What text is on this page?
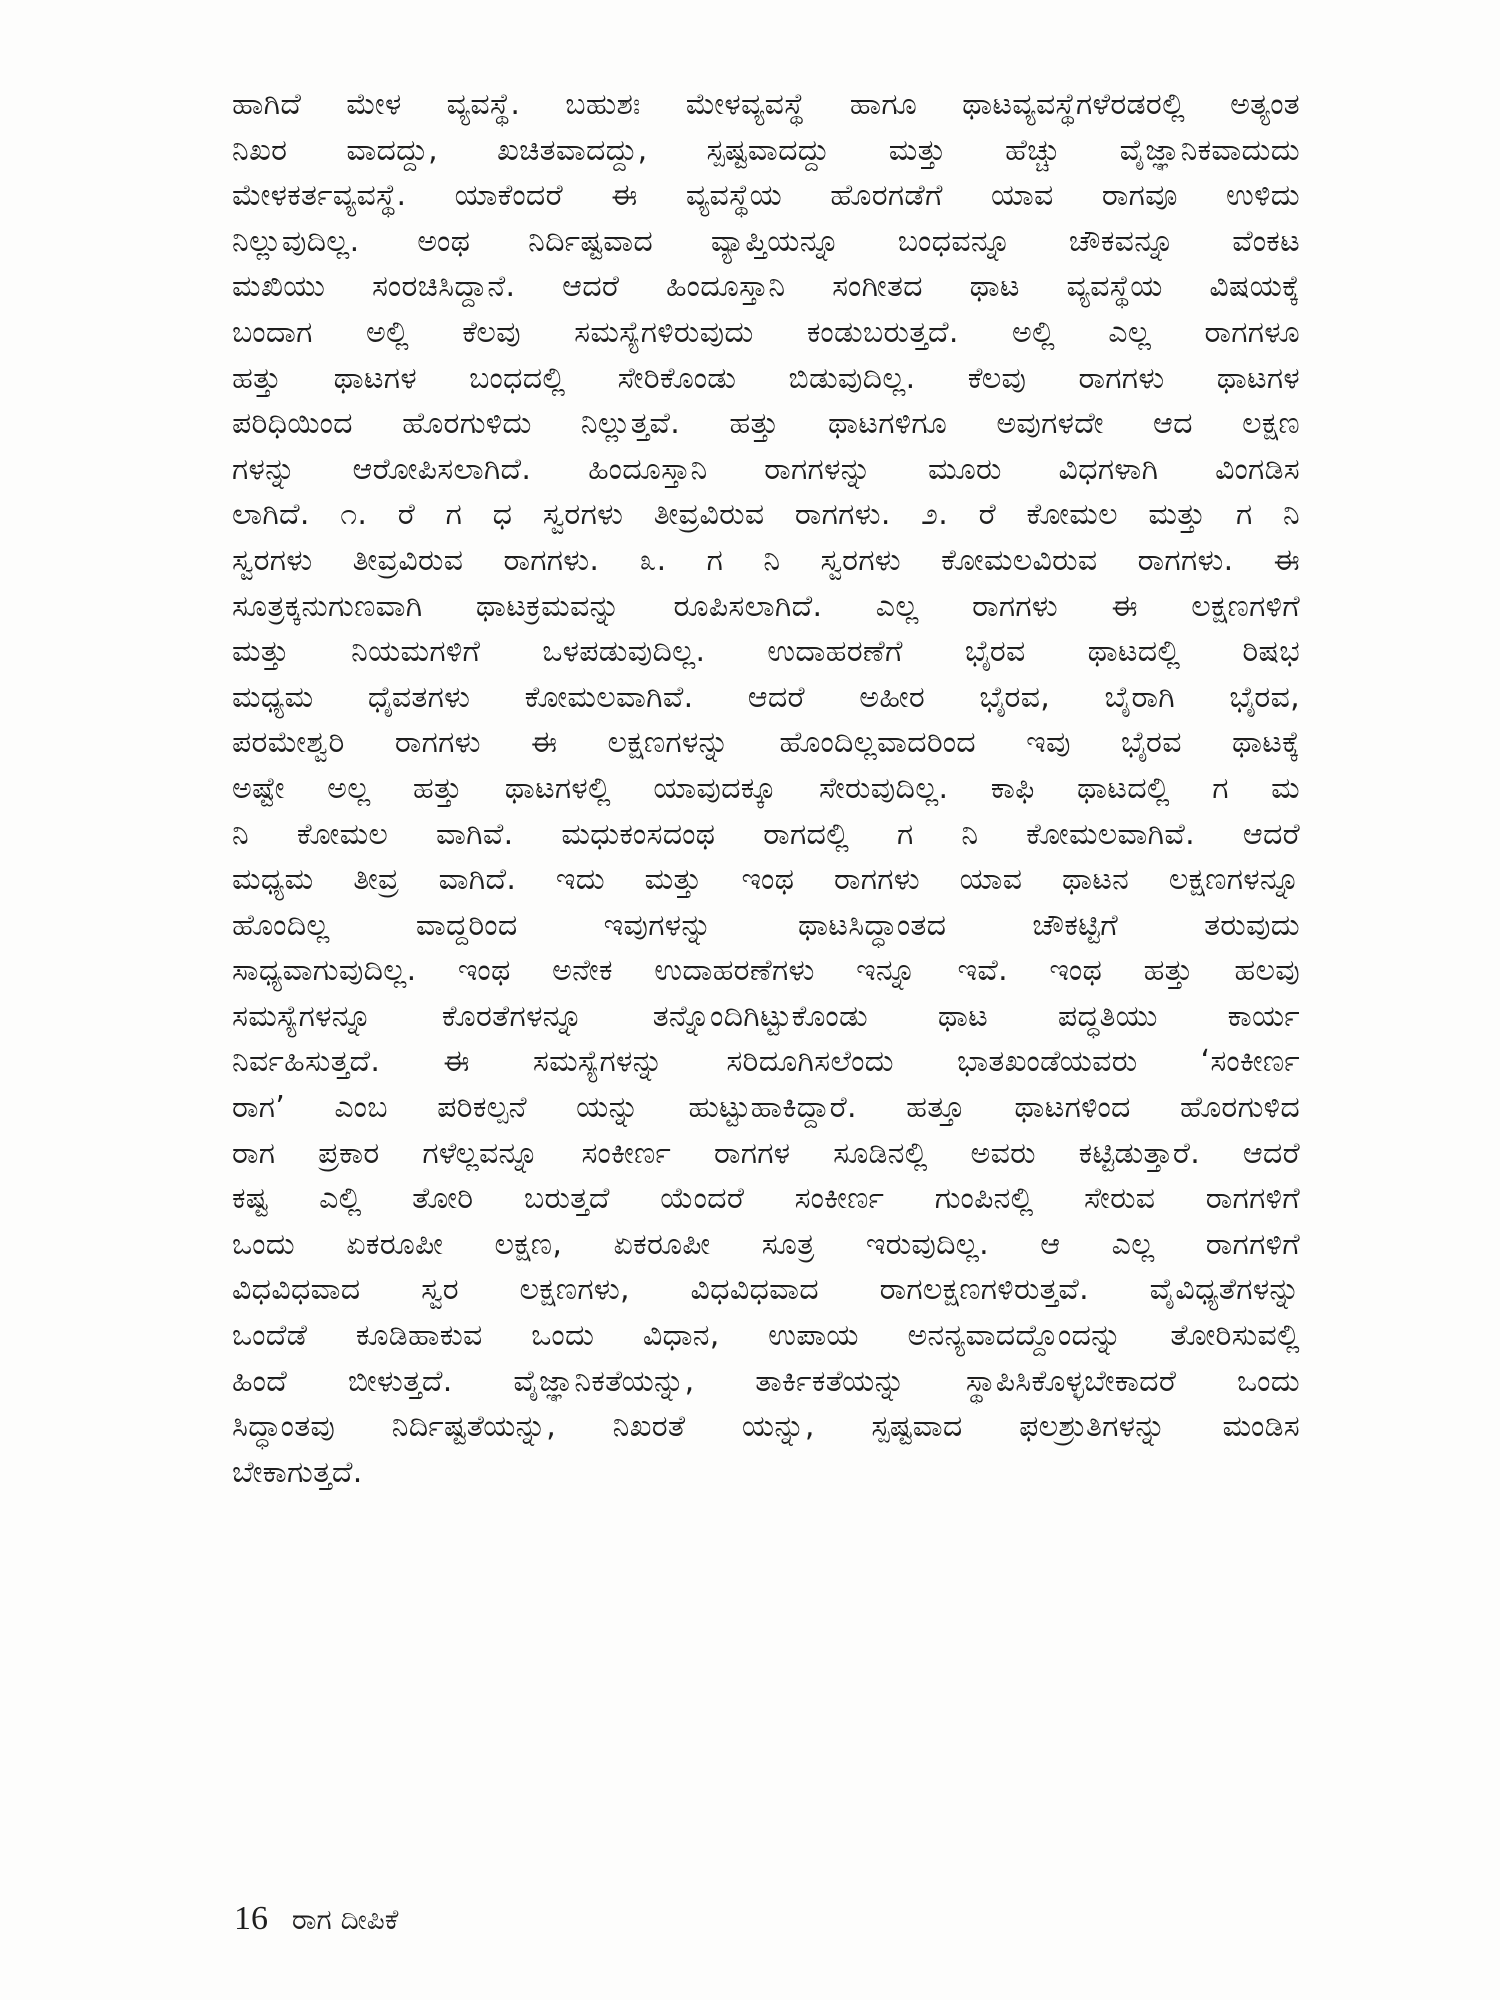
ಹಾಗಿದೆ ಮೇಳ ವ್ಯವಸ್ಥೆ. ಬಹುಶಃ ಮೇಳವ್ಯವಸ್ಥೆ ಹಾಗೂ ಥಾಟವ್ಯವಸ್ಥೆಗಳೆರಡರಲ್ಲಿ ಅತ್ಯಂತ
ನಿಖರ ವಾದದ್ದು, ಖಚಿತವಾದದ್ದು, ಸ್ಪಷ್ಟವಾದದ್ದು ಮತ್ತು ಹೆಚ್ಚು ವೈಜ್ಞಾನಿಕವಾದುದು
ಮೇಳಕರ್ತವ್ಯವಸ್ಥೆ. ಯಾಕೆಂದರೆ ಈ ವ್ಯವಸ್ಥೆಯ ಹೊರಗಡೆಗೆ ಯಾವ ರಾಗವೂ ಉಳಿದು
ನಿಲ್ಲುವುದಿಲ್ಲ. ಅಂಥ ನಿರ್ದಿಷ್ಟವಾದ ವ್ಯಾಪ್ತಿಯನ್ನೂ ಬಂಧವನ್ನೂ ಚೌಕವನ್ನೂ ವೆಂಕಟ
ಮಖಿಯು ಸಂರಚಿಸಿದ್ದಾನೆ. ಆದರೆ ಹಿಂದೂಸ್ತಾನಿ ಸಂಗೀತದ ಥಾಟ ವ್ಯವಸ್ಥೆಯ ವಿಷಯಕ್ಕೆ
ಬಂದಾಗ ಅಲ್ಲಿ ಕೆಲವು ಸಮಸ್ಯೆಗಳಿರುವುದು ಕಂಡುಬರುತ್ತದೆ. ಅಲ್ಲಿ ಎಲ್ಲ ರಾಗಗಳೂ
ಹತ್ತು ಥಾಟಗಳ ಬಂಧದಲ್ಲಿ ಸೇರಿಕೊಂಡು ಬಿಡುವುದಿಲ್ಲ. ಕೆಲವು ರಾಗಗಳು ಥಾಟಗಳ
ಪರಿಧಿಯಿಂದ ಹೊರಗುಳಿದು ನಿಲ್ಲುತ್ತವೆ. ಹತ್ತು ಥಾಟಗಳಿಗೂ ಅವುಗಳದೇ ಆದ ಲಕ್ಷಣ
ಗಳನ್ನು ಆರೋಪಿಸಲಾಗಿದೆ. ಹಿಂದೂಸ್ತಾನಿ ರಾಗಗಳನ್ನು ಮೂರು ವಿಧಗಳಾಗಿ ವಿಂಗಡಿಸ
ಲಾಗಿದೆ. ೧. ರೆ ಗ ಧ ಸ್ವರಗಳು ತೀವ್ರವಿರುವ ರಾಗಗಳು. ೨. ರೆ ಕೋಮಲ ಮತ್ತು ಗ ನಿ
ಸ್ವರಗಳು ತೀವ್ರವಿರುವ ರಾಗಗಳು. ೩. ಗ ನಿ ಸ್ವರಗಳು ಕೋಮಲವಿರುವ ರಾಗಗಳು. ಈ
ಸೂತ್ರಕ್ಕನುಗುಣವಾಗಿ ಥಾಟಕ್ರಮವನ್ನು ರೂಪಿಸಲಾಗಿದೆ. ಎಲ್ಲ ರಾಗಗಳು ಈ ಲಕ್ಷಣಗಳಿಗೆ
ಮತ್ತು ನಿಯಮಗಳಿಗೆ ಒಳಪಡುವುದಿಲ್ಲ. ಉದಾಹರಣೆಗೆ ಭೈರವ ಥಾಟದಲ್ಲಿ ರಿಷಭ
ಮಧ್ಯಮ ಧೈವತಗಳು ಕೋಮಲವಾಗಿವೆ. ಆದರೆ ಅಹೀರ ಭೈರವ, ಬೈರಾಗಿ ಭೈರವ,
ಪರಮೇಶ್ವರಿ ರಾಗಗಳು ಈ ಲಕ್ಷಣಗಳನ್ನು ಹೊಂದಿಲ್ಲವಾದರಿಂದ ಇವು ಭೈರವ ಥಾಟಕ್ಕೆ
ಅಷ್ಟೇ ಅಲ್ಲ ಹತ್ತು ಥಾಟಗಳಲ್ಲಿ ಯಾವುದಕ್ಕೂ ಸೇರುವುದಿಲ್ಲ. ಕಾಫಿ ಥಾಟದಲ್ಲಿ ಗ ಮ
ನಿ ಕೋಮಲ ವಾಗಿವೆ. ಮಧುಕಂಸದಂಥ ರಾಗದಲ್ಲಿ ಗ ನಿ ಕೋಮಲವಾಗಿವೆ. ಆದರೆ
ಮಧ್ಯಮ ತೀವ್ರ ವಾಗಿದೆ. ಇದು ಮತ್ತು ಇಂಥ ರಾಗಗಳು ಯಾವ ಥಾಟನ ಲಕ್ಷಣಗಳನ್ನೂ
ಹೊಂದಿಲ್ಲ ವಾದ್ದರಿಂದ ಇವುಗಳನ್ನು ಥಾಟಸಿದ್ಧಾಂತದ ಚೌಕಟ್ಟಿಗೆ ತರುವುದು
ಸಾಧ್ಯವಾಗುವುದಿಲ್ಲ. ಇಂಥ ಅನೇಕ ಉದಾಹರಣೆಗಳು ಇನ್ನೂ ಇವೆ. ಇಂಥ ಹತ್ತು ಹಲವು
ಸಮಸ್ಯೆಗಳನ್ನೂ ಕೊರತೆಗಳನ್ನೂ ತನ್ನೊಂದಿಗಿಟ್ಟುಕೊಂಡು ಥಾಟ ಪದ್ಧತಿಯು ಕಾರ್ಯ
ನಿರ್ವಹಿಸುತ್ತದೆ. ಈ ಸಮಸ್ಯೆಗಳನ್ನು ಸರಿದೂಗಿಸಲೆಂದು ಭಾತಖಂಡೆಯವರು ‘ಸಂಕೀರ್ಣ
ರಾಗ’ ಎಂಬ ಪರಿಕಲ್ಪನೆ ಯನ್ನು ಹುಟ್ಟುಹಾಕಿದ್ದಾರೆ. ಹತ್ತೂ ಥಾಟಗಳಿಂದ ಹೊರಗುಳಿದ
ರಾಗ ಪ್ರಕಾರ ಗಳೆಲ್ಲವನ್ನೂ ಸಂಕೀರ್ಣ ರಾಗಗಳ ಸೂಡಿನಲ್ಲಿ ಅವರು ಕಟ್ಟಿಡುತ್ತಾರೆ. ಆದರೆ
ಕಷ್ಟ ಎಲ್ಲಿ ತೋರಿ ಬರುತ್ತದೆ ಯೆಂದರೆ ಸಂಕೀರ್ಣ ಗುಂಪಿನಲ್ಲಿ ಸೇರುವ ರಾಗಗಳಿಗೆ
ಒಂದು ಏಕರೂಪೀ ಲಕ್ಷಣ, ಏಕರೂಪೀ ಸೂತ್ರ ಇರುವುದಿಲ್ಲ. ಆ ಎಲ್ಲ ರಾಗಗಳಿಗೆ
ವಿಧವಿಧವಾದ ಸ್ವರ ಲಕ್ಷಣಗಳು, ವಿಧವಿಧವಾದ ರಾಗಲಕ್ಷಣಗಳಿರುತ್ತವೆ. ವೈವಿಧ್ಯತೆಗಳನ್ನು
ಒಂದೆಡೆ ಕೂಡಿಹಾಕುವ ಒಂದು ವಿಧಾನ, ಉಪಾಯ ಅನನ್ಯವಾದದ್ದೊಂದನ್ನು ತೋರಿಸುವಲ್ಲಿ
ಹಿಂದೆ ಬೀಳುತ್ತದೆ. ವೈಜ್ಞಾನಿಕತೆಯನ್ನು, ತಾರ್ಕಿಕತೆಯನ್ನು ಸ್ಥಾಪಿಸಿಕೊಳ್ಳಬೇಕಾದರೆ ಒಂದು
ಸಿದ್ಧಾಂತವು ನಿರ್ದಿಷ್ಟತೆಯನ್ನು, ನಿಖರತೆ ಯನ್ನು, ಸ್ಪಷ್ಟವಾದ ಫಲಶ್ರುತಿಗಳನ್ನು ಮಂಡಿಸ
ಬೇಕಾಗುತ್ತದೆ.
16 ರಾಗ ದೀಪಿಕೆ
